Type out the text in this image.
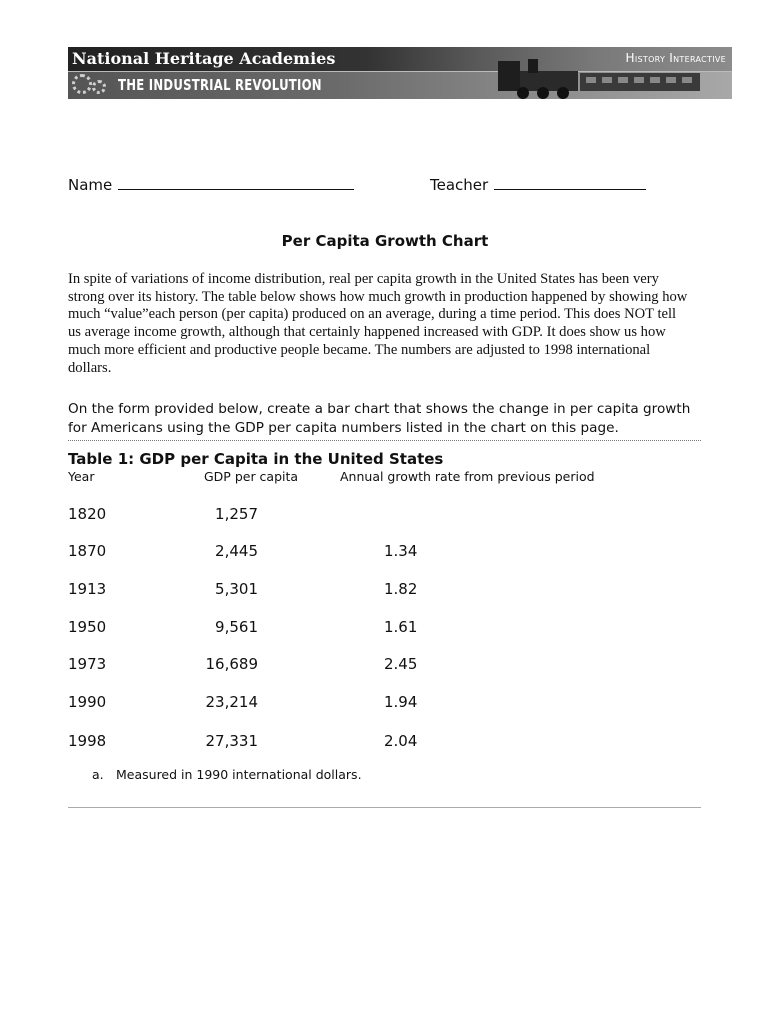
National Heritage Academies
THE INDUSTRIAL REVOLUTION
History Interactive
Name	Teacher
Per Capita Growth Chart
In spite of variations of income distribution, real per capita growth in the United States has been very strong over its history. The table below shows how much growth in production happened by showing how much “value”each person (per capita) produced on an average, during a time period. This does NOT tell us average income growth, although that certainly happened increased with GDP. It does show us how much more efficient and productive people became. The numbers are adjusted to 1998 international dollars.
On the form provided below, create a bar chart that shows the change in per capita growth for Americans using the GDP per capita numbers listed in the chart on this page.
Table 1: GDP per Capita in the United States
Year	GDP per capita	Annual growth rate from previous period
1820	1,257
1870	2,445	1.34
1913	5,301	1.82
1950	9,561	1.61
1973	16,689	2.45
1990	23,214	1.94
1998	27,331	2.04
a. Measured in 1990 international dollars.
